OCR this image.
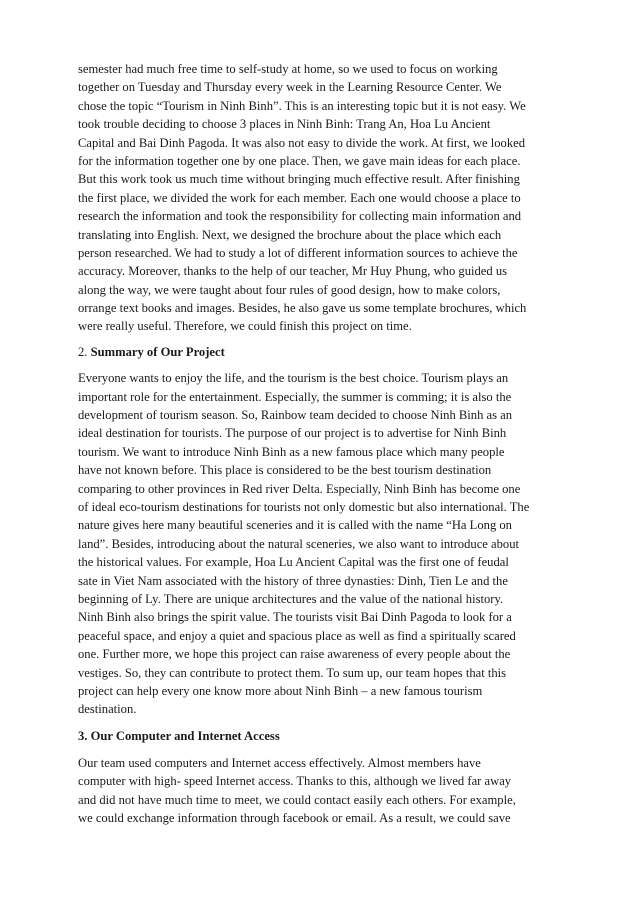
semester had much free time to self-study at home, so we used to focus on working
together on Tuesday and Thursday every week in the Learning Resource Center. We
chose the topic “Tourism in Ninh Binh”. This is an interesting topic but it is not easy. We
took trouble deciding to choose 3 places in Ninh Binh: Trang An, Hoa Lu Ancient
Capital and Bai Dinh Pagoda. It was also not easy to divide the work. At first, we looked
for the information together one by one place. Then, we gave main ideas for each place.
But this work took us much time without bringing much effective result. After finishing
the first place, we divided the work for each member. Each one would choose a place to
research the information and took the responsibility for collecting main information and
translating into English. Next, we designed the brochure about the place which each
person researched. We had to study a lot of different information sources to achieve the
accuracy. Moreover, thanks to the help of our teacher, Mr Huy Phung, who guided us
along the way, we were taught about four rules of good design, how to make colors,
orrange text books and images. Besides, he also gave us some template brochures, which
were really useful. Therefore, we could finish this project on time.
2. Summary of Our Project
Everyone wants to enjoy the life, and the tourism is the best choice. Tourism plays an
important role for the entertainment. Especially, the summer is comming; it is also the
development of tourism season. So, Rainbow team decided to choose Ninh Binh as an
ideal destination for tourists. The purpose of our project is to advertise for Ninh Binh
tourism. We want to introduce Ninh Binh as a new famous place which many people
have not known before. This place is considered to be the best tourism destination
comparing to other provinces in Red river Delta. Especially, Ninh Binh has become one
of ideal eco-tourism destinations for tourists not only domestic but also international. The
nature gives here many beautiful sceneries and it is called with the name “Ha Long on
land”. Besides, introducing about the natural sceneries, we also want to introduce about
the historical values. For example, Hoa Lu Ancient Capital was the first one of feudal
sate in Viet Nam associated with the history of three dynasties: Dinh, Tien Le and the
beginning of Ly. There are unique architectures and the value of the national history.
Ninh Binh also brings the spirit value. The tourists visit Bai Dinh Pagoda to look for a
peaceful space, and enjoy a quiet and spacious place as well as find a spiritually scared
one. Further more, we hope this project can raise awareness of every people about the
vestiges. So, they can contribute to protect them. To sum up, our team hopes that this
project can help every one know more about Ninh Binh – a new famous tourism
destination.
3. Our Computer and Internet Access
Our team used computers and Internet access effectively. Almost members have
computer with high- speed Internet access. Thanks to this, although we lived far away
and did not have much time to meet, we could contact easily each others. For example,
we could exchange information through facebook or email. As a result, we could save
